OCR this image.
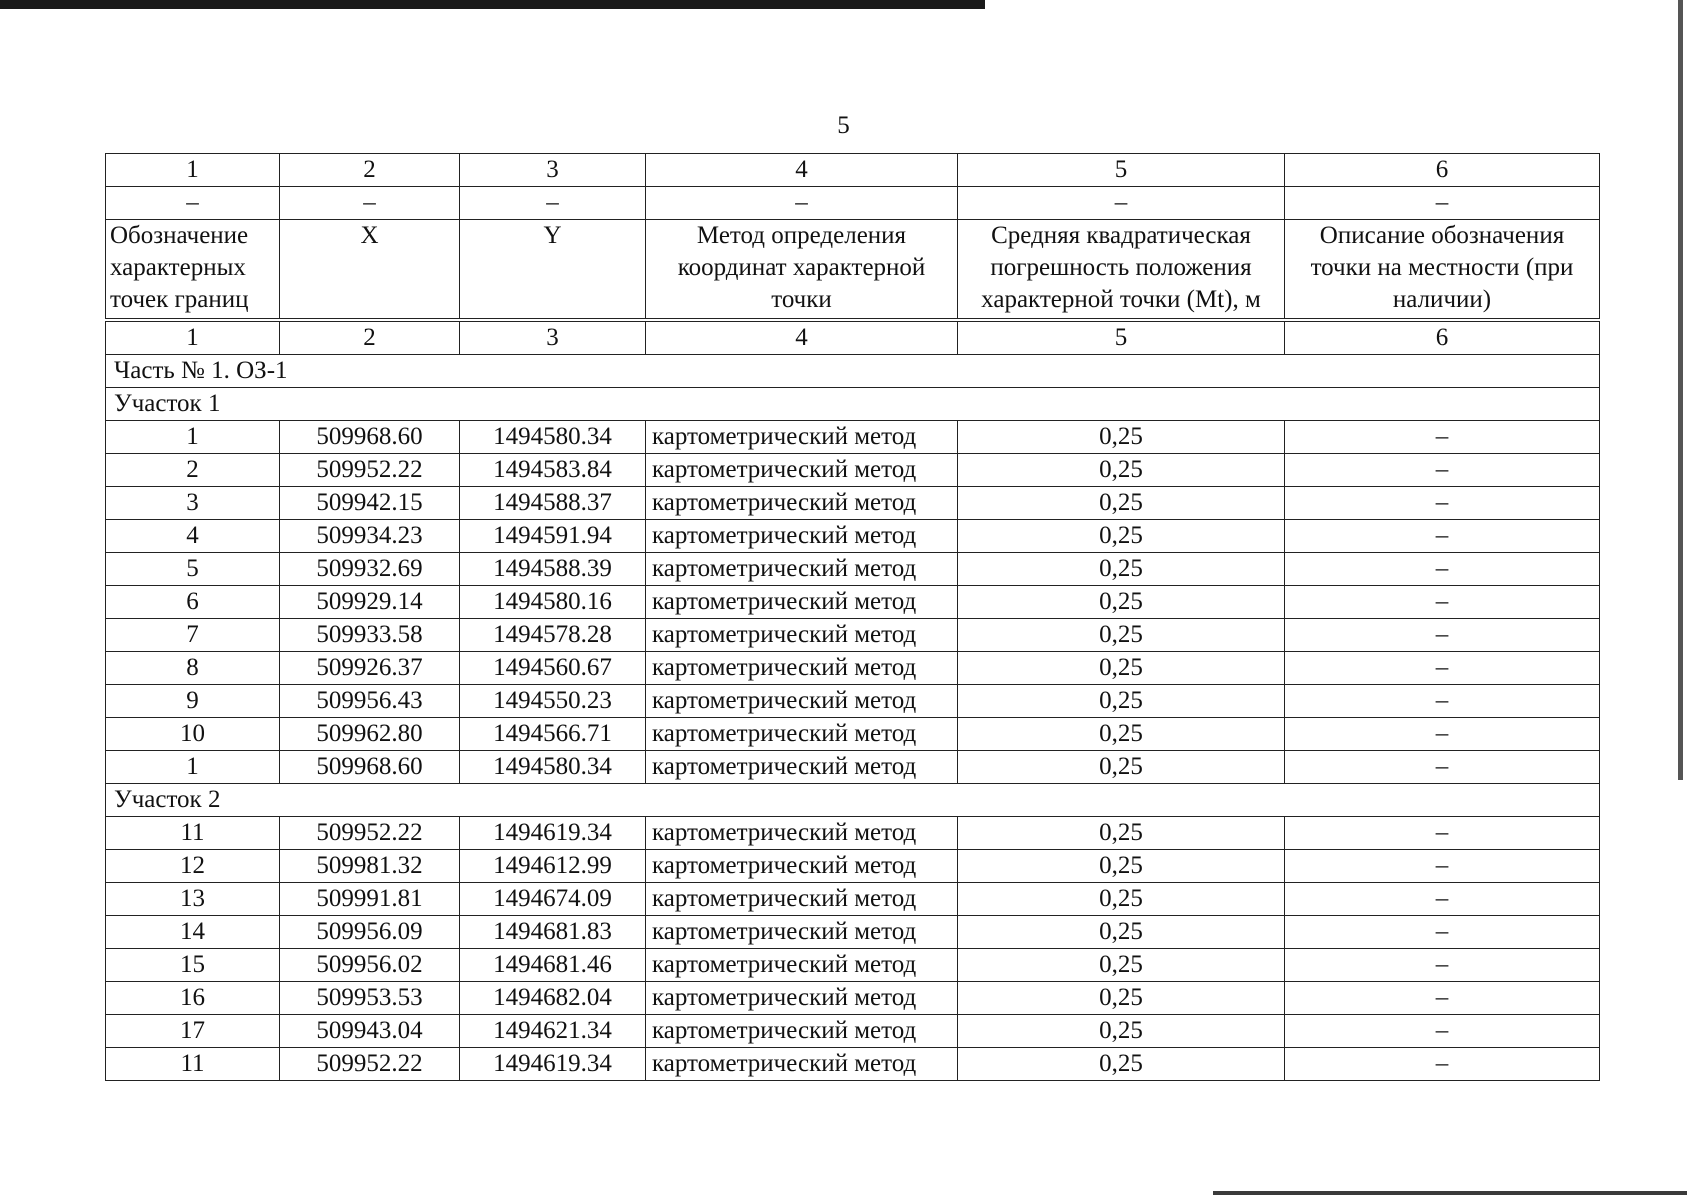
5
1	2	3	4	5	6
–	–	–	–	–	–
Обозначение характерных точек границ	X	Y	Метод определения координат характерной точки	Средняя квадратическая погрешность положения характерной точки (Mt), м	Описание обозначения точки на местности (при наличии)
1	2	3	4	5	6
Часть № 1. ОЗ-1					
Участок 1					
1	509968.60	1494580.34	картометрический метод	0,25	–
2	509952.22	1494583.84	картометрический метод	0,25	–
3	509942.15	1494588.37	картометрический метод	0,25	–
4	509934.23	1494591.94	картометрический метод	0,25	–
5	509932.69	1494588.39	картометрический метод	0,25	–
6	509929.14	1494580.16	картометрический метод	0,25	–
7	509933.58	1494578.28	картометрический метод	0,25	–
8	509926.37	1494560.67	картометрический метод	0,25	–
9	509956.43	1494550.23	картометрический метод	0,25	–
10	509962.80	1494566.71	картометрический метод	0,25	–
1	509968.60	1494580.34	картометрический метод	0,25	–
Участок 2					
11	509952.22	1494619.34	картометрический метод	0,25	–
12	509981.32	1494612.99	картометрический метод	0,25	–
13	509991.81	1494674.09	картометрический метод	0,25	–
14	509956.09	1494681.83	картометрический метод	0,25	–
15	509956.02	1494681.46	картометрический метод	0,25	–
16	509953.53	1494682.04	картометрический метод	0,25	–
17	509943.04	1494621.34	картометрический метод	0,25	–
11	509952.22	1494619.34	картометрический метод	0,25	–
